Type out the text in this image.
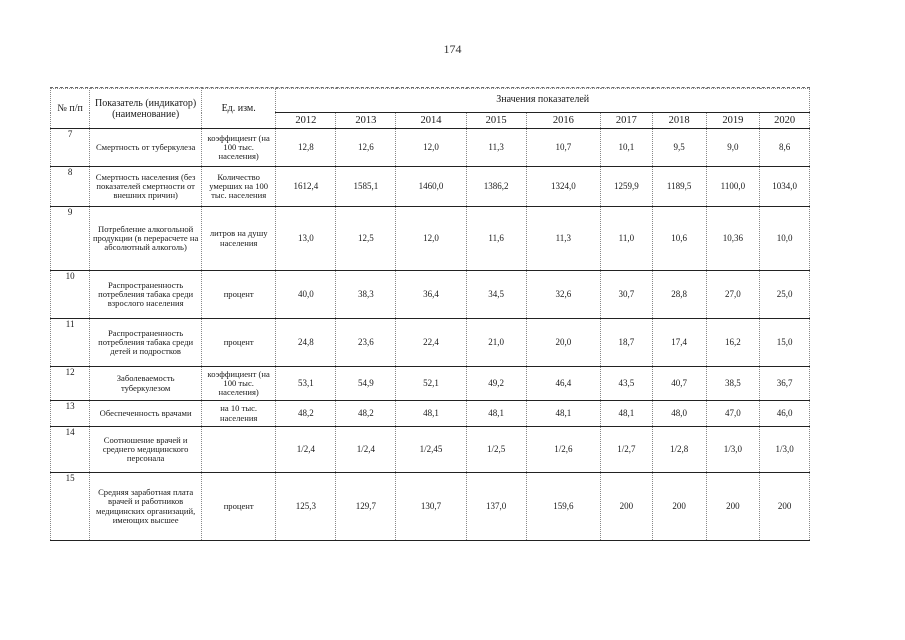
174
№ п/п	Показатель (индикатор) (наименование)	Ед. изм.	Значения показателей								
			2012	2013	2014	2015	2016	2017	2018	2019	2020
7	Смертность от туберкулеза	коэффициент (на 100 тыс. населения)	12,8	12,6	12,0	11,3	10,7	10,1	9,5	9,0	8,6
8	Смертность населения (без показателей смертности от внешних причин)	Количество умерших на 100 тыс. населения	1612,4	1585,1	1460,0	1386,2	1324,0	1259,9	1189,5	1100,0	1034,0
9	Потребление алкогольной продукции (в перерасчете на абсолютный алкоголь)	литров на душу населения	13,0	12,5	12,0	11,6	11,3	11,0	10,6	10,36	10,0
10	Распространенность потребления табака среди взрослого населения	процент	40,0	38,3	36,4	34,5	32,6	30,7	28,8	27,0	25,0
11	Распространенность потребления табака среди детей и подростков	процент	24,8	23,6	22,4	21,0	20,0	18,7	17,4	16,2	15,0
12	Заболеваемость туберкулезом	коэффициент (на 100 тыс. населения)	53,1	54,9	52,1	49,2	46,4	43,5	40,7	38,5	36,7
13	Обеспеченность врачами	на 10 тыс. населения	48,2	48,2	48,1	48,1	48,1	48,1	48,0	47,0	46,0
14	Соотношение врачей и среднего медицинского персонала		1/2,4	1/2,4	1/2,45	1/2,5	1/2,6	1/2,7	1/2,8	1/3,0	1/3,0
15	Средняя заработная плата врачей и работников медицинских организаций, имеющих высшее	процент	125,3	129,7	130,7	137,0	159,6	200	200	200	200
